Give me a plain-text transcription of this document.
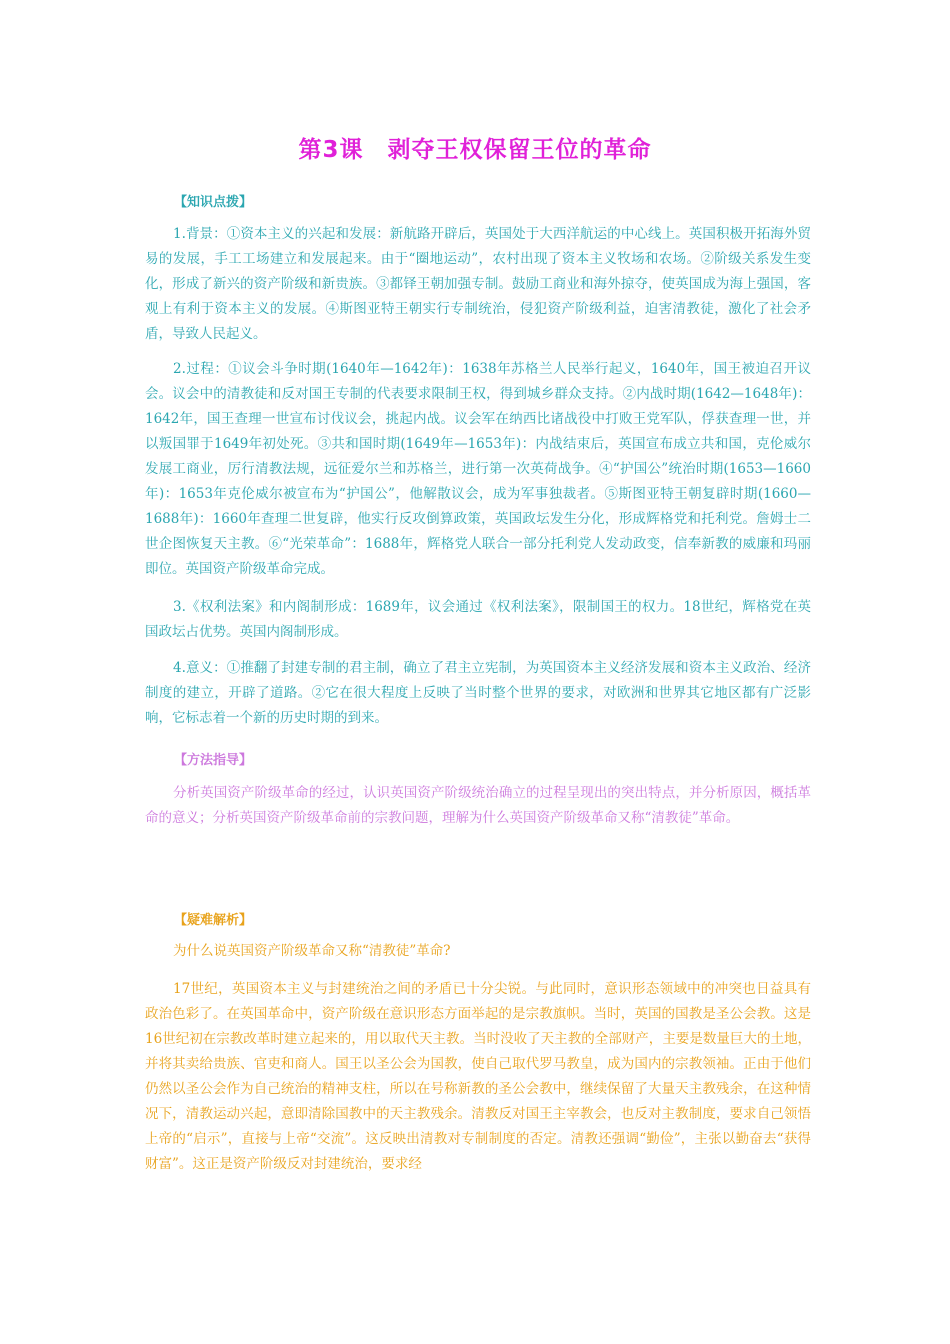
第3课　剥夺王权保留王位的革命
【知识点拨】

1.背景：①资本主义的兴起和发展：新航路开辟后，英国处于大西洋航运的中心线上。英国积极开拓海外贸易的发展，手工工场建立和发展起来。由于“圈地运动”，农村出现了资本主义牧场和农场。②阶级关系发生变化，形成了新兴的资产阶级和新贵族。③都铎王朝加强专制。鼓励工商业和海外掠夺，使英国成为海上强国，客观上有利于资本主义的发展。④斯图亚特王朝实行专制统治，侵犯资产阶级利益，迫害清教徒，激化了社会矛盾，导致人民起义。

2.过程：①议会斗争时期(1640年—1642年)：1638年苏格兰人民举行起义，1640年，国王被迫召开议会。议会中的清教徒和反对国王专制的代表要求限制王权，得到城乡群众支持。②内战时期(1642—1648年)：1642年，国王查理一世宣布讨伐议会，挑起内战。议会军在纳西比诸战役中打败王党军队，俘获查理一世，并以叛国罪于1649年初处死。③共和国时期(1649年—1653年)：内战结束后，英国宣布成立共和国，克伦威尔发展工商业，厉行清教法规，远征爱尔兰和苏格兰，进行第一次英荷战争。④“护国公”统治时期(1653—1660年)：1653年克伦威尔被宣布为“护国公”，他解散议会，成为军事独裁者。⑤斯图亚特王朝复辟时期(1660—1688年)：1660年查理二世复辟，他实行反攻倒算政策，英国政坛发生分化，形成辉格党和托利党。詹姆士二世企图恢复天主教。⑥“光荣革命”：1688年，辉格党人联合一部分托利党人发动政变，信奉新教的威廉和玛丽即位。英国资产阶级革命完成。

3.《权利法案》和内阁制形成：1689年，议会通过《权利法案》，限制国王的权力。18世纪，辉格党在英国政坛占优势。英国内阁制形成。

4.意义：①推翻了封建专制的君主制，确立了君主立宪制，为英国资本主义经济发展和资本主义政治、经济制度的建立，开辟了道路。②它在很大程度上反映了当时整个世界的要求，对欧洲和世界其它地区都有广泛影响，它标志着一个新的历史时期的到来。

【方法指导】

分析英国资产阶级革命的经过，认识英国资产阶级统治确立的过程呈现出的突出特点，并分析原因，概括革命的意义；分析英国资产阶级革命前的宗教问题，理解为什么英国资产阶级革命又称“清教徒”革命。

【疑难解析】

为什么说英国资产阶级革命又称“清教徒”革命?

17世纪，英国资本主义与封建统治之间的矛盾已十分尖锐。与此同时，意识形态领域中的冲突也日益具有政治色彩了。在英国革命中，资产阶级在意识形态方面举起的是宗教旗帜。当时，英国的国教是圣公会教。这是16世纪初在宗教改革时建立起来的，用以取代天主教。当时没收了天主教的全部财产，主要是数量巨大的土地，并将其卖给贵族、官吏和商人。国王以圣公会为国教，使自己取代罗马教皇，成为国内的宗教领袖。正由于他们仍然以圣公会作为自己统治的精神支柱，所以在号称新教的圣公会教中，继续保留了大量天主教残余，在这种情况下，清教运动兴起，意即清除国教中的天主教残余。清教反对国王主宰教会，也反对主教制度，要求自己领悟上帝的“启示”，直接与上帝“交流”。这反映出清教对专制制度的否定。清教还强调“勤俭”，主张以勤奋去“获得财富”。这正是资产阶级反对封建统治，要求经
